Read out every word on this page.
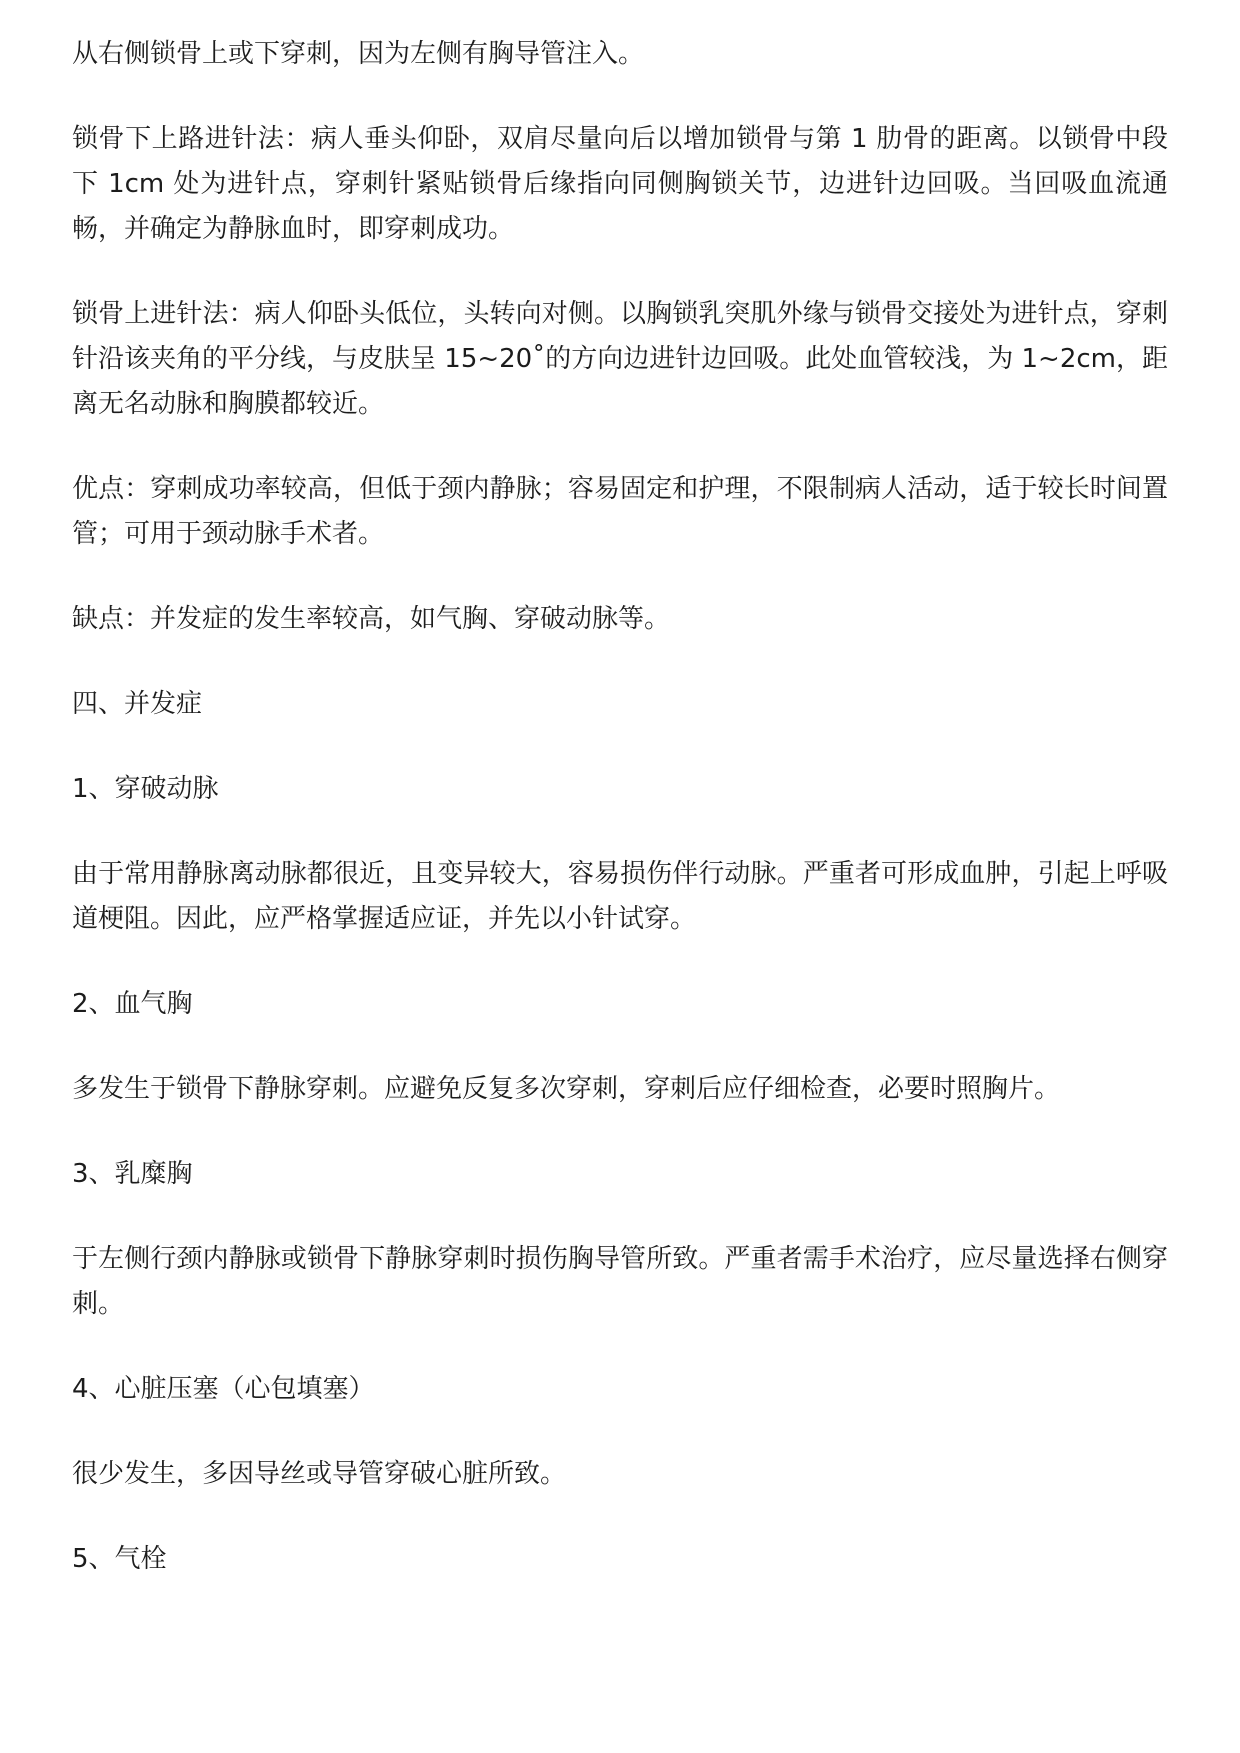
从右侧锁骨上或下穿刺，因为左侧有胸导管注入。

锁骨下上路进针法：病人垂头仰卧，双肩尽量向后以增加锁骨与第 1 肋骨的距离。以锁骨中段下 1cm 处为进针点，穿刺针紧贴锁骨后缘指向同侧胸锁关节，边进针边回吸。当回吸血流通畅，并确定为静脉血时，即穿刺成功。

锁骨上进针法：病人仰卧头低位，头转向对侧。以胸锁乳突肌外缘与锁骨交接处为进针点，穿刺针沿该夹角的平分线，与皮肤呈 15~20˚的方向边进针边回吸。此处血管较浅，为 1~2cm，距离无名动脉和胸膜都较近。

优点：穿刺成功率较高，但低于颈内静脉；容易固定和护理，不限制病人活动，适于较长时间置管；可用于颈动脉手术者。

缺点：并发症的发生率较高，如气胸、穿破动脉等。

四、并发症

1、穿破动脉

由于常用静脉离动脉都很近，且变异较大，容易损伤伴行动脉。严重者可形成血肿，引起上呼吸道梗阻。因此，应严格掌握适应证，并先以小针试穿。

2、血气胸

多发生于锁骨下静脉穿刺。应避免反复多次穿刺，穿刺后应仔细检查，必要时照胸片。

3、乳糜胸

于左侧行颈内静脉或锁骨下静脉穿刺时损伤胸导管所致。严重者需手术治疗，应尽量选择右侧穿刺。

4、心脏压塞（心包填塞）

很少发生，多因导丝或导管穿破心脏所致。

5、气栓
